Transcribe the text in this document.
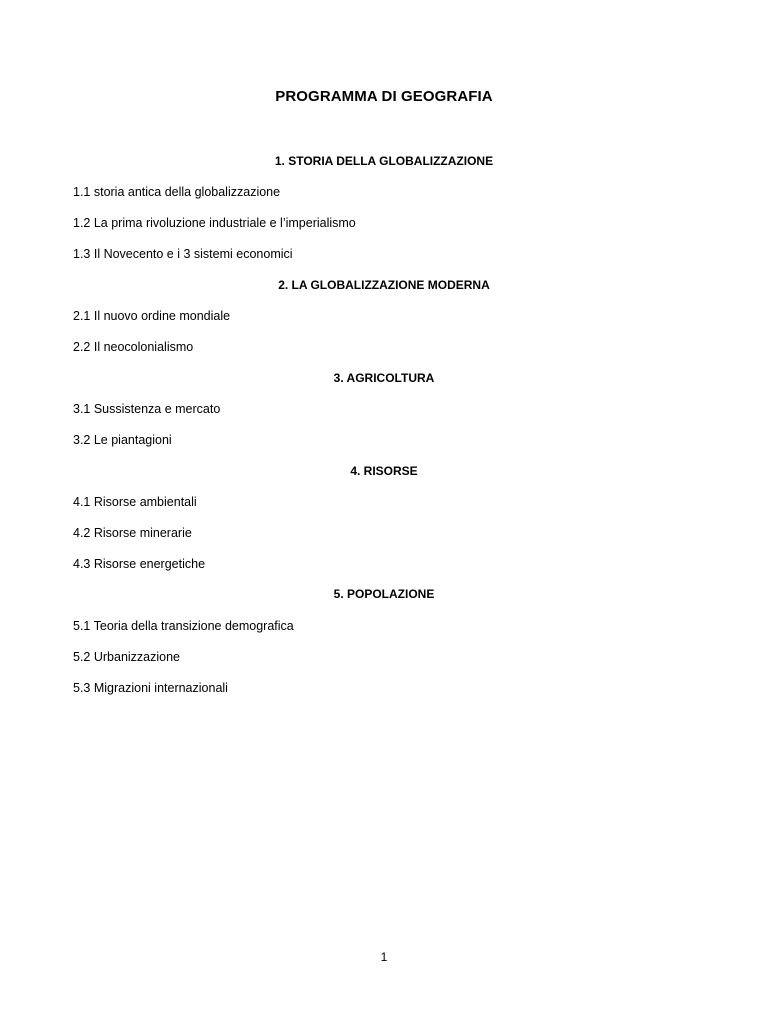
PROGRAMMA DI GEOGRAFIA
1. STORIA DELLA GLOBALIZZAZIONE
1.1 storia antica della globalizzazione
1.2 La prima rivoluzione industriale e l’imperialismo
1.3 Il Novecento e i 3 sistemi economici
2. LA GLOBALIZZAZIONE MODERNA
2.1 Il nuovo ordine mondiale
2.2 Il neocolonialismo
3. AGRICOLTURA
3.1 Sussistenza e mercato
3.2 Le piantagioni
4. RISORSE
4.1 Risorse ambientali
4.2 Risorse minerarie
4.3 Risorse energetiche
5. POPOLAZIONE
5.1 Teoria della transizione demografica
5.2 Urbanizzazione
5.3 Migrazioni internazionali
1
